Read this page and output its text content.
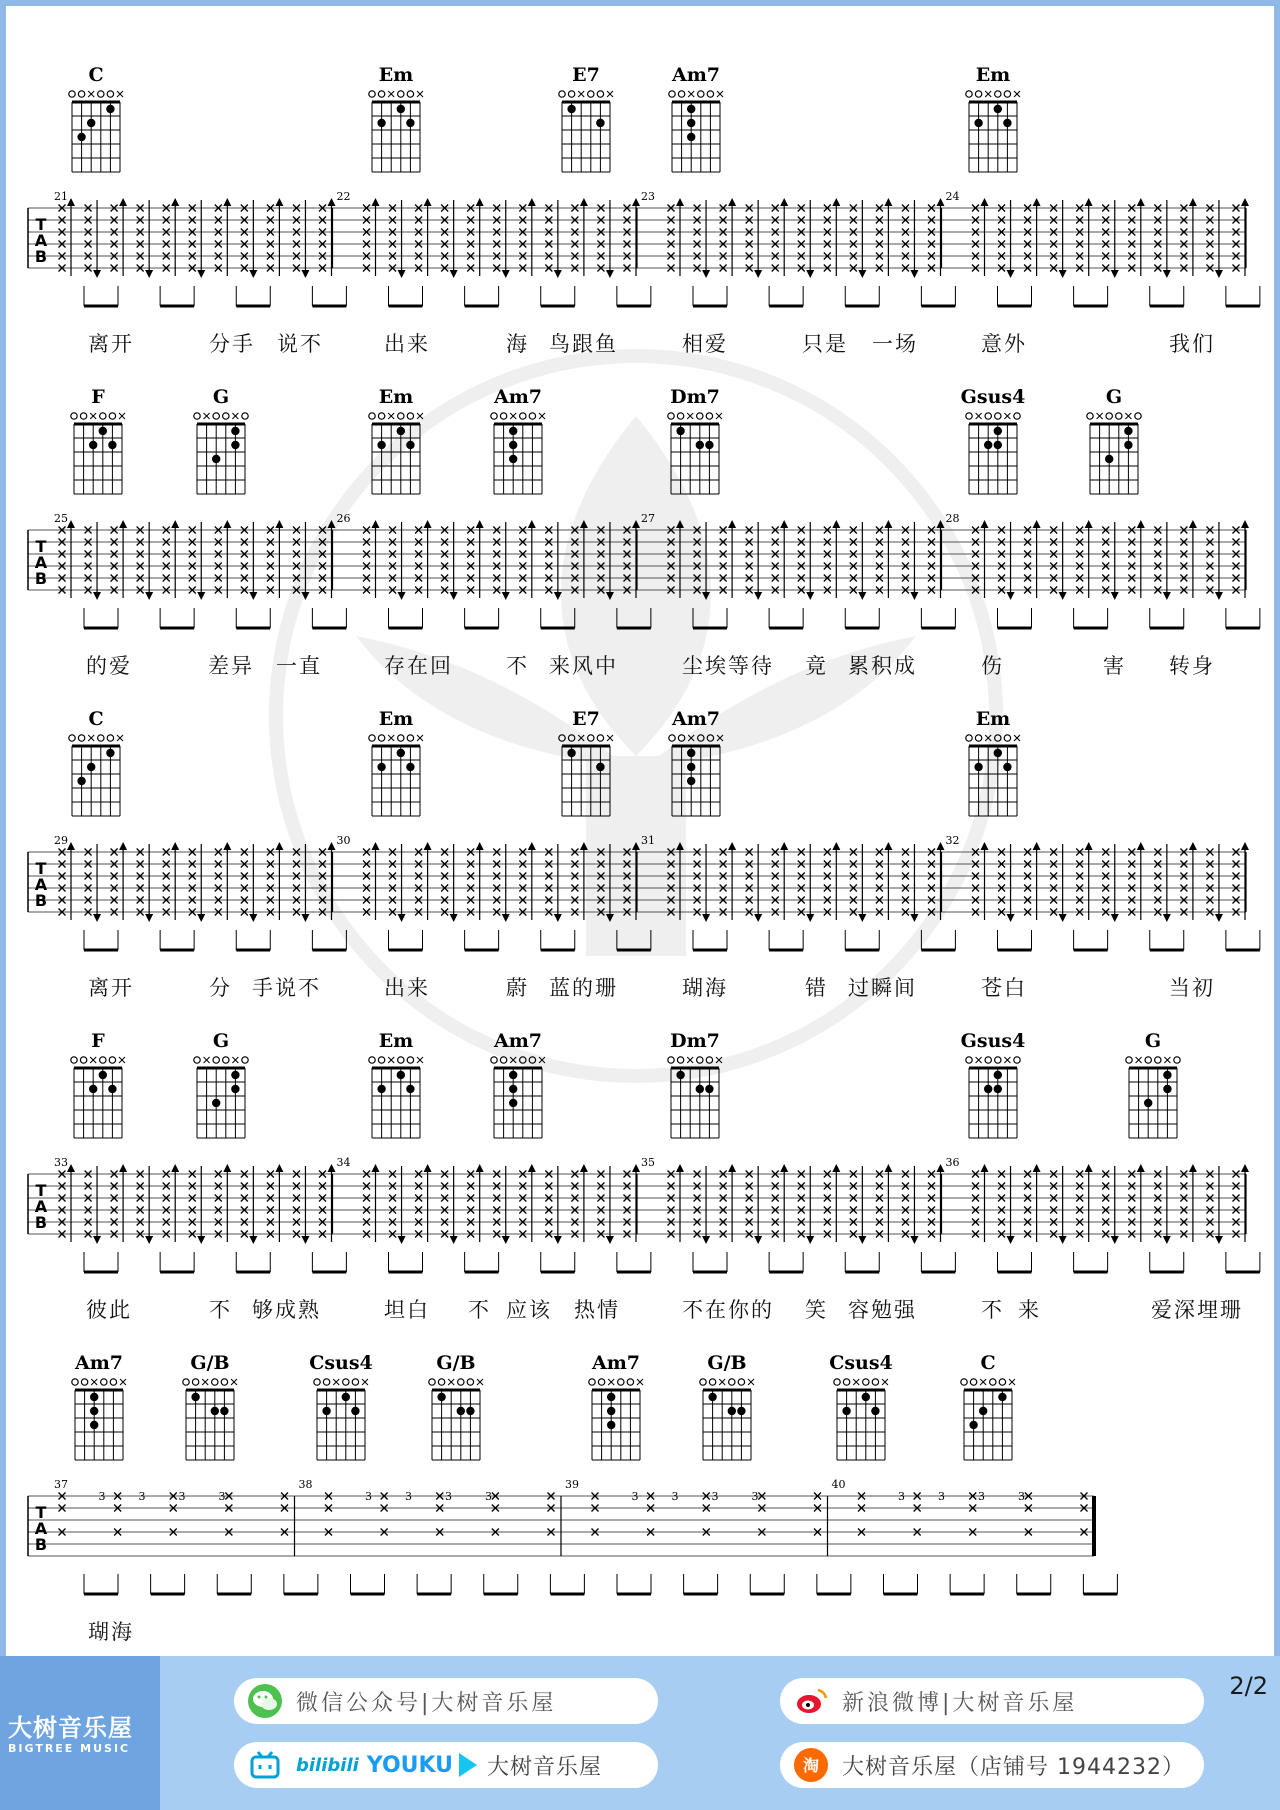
C	Em	E7	Am7	Em
21	22	23	24
T
A
B
离开	分手 说不	出来	海 鸟跟鱼	相爱	只是 一场	意外	我们
F	G	Em	Am7	Dm7	Gsus4	G
25	26	27	28
T
A
B
的爱	差异 一直	存在回	不 来风中	尘埃等待 竟 累积成	伤	害 转身
C	Em	E7	Am7	Em
29	30	31	32
T
A
B
离开	分 手说不	出来	蔚 蓝的珊	瑚海	错 过瞬间	苍白	当初
F	G	Em	Am7	Dm7	Gsus4	G
33	34	35	36
T
A
B
彼此	不 够成熟	坦白 不 应该 热情	不在你的 笑 容勉强	不 来	爱深埋珊
Am7	G/B	Csus4	G/B	Am7	G/B	Csus4	C
37	38	39	40
3	3	3	3	3	3	3	3	3	3	3	3	3	3	3	3
T
A
B
瑚海
大树音乐屋
BIGTREE MUSIC
微信公众号|大树音乐屋	新浪微博|大树音乐屋
bilibili YOUKU 大树音乐屋	淘 大树音乐屋（店铺号 1944232）
2/2
